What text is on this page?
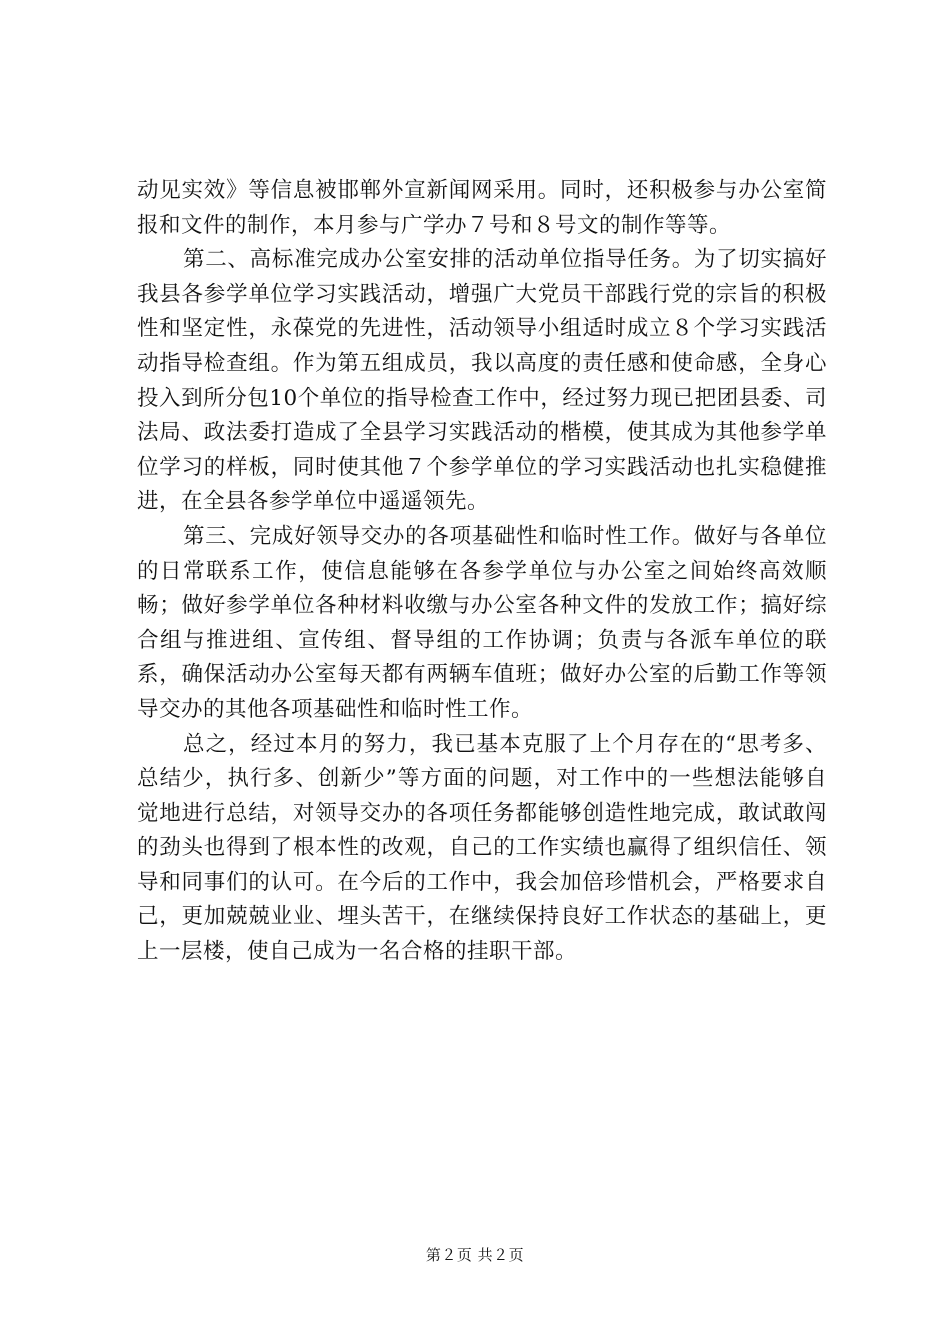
动见实效》等信息被邯郸外宣新闻网采用。同时，还积极参与办公室简报和文件的制作，本月参与广学办７号和８号文的制作等等。

第二、高标准完成办公室安排的活动单位指导任务。为了切实搞好我县各参学单位学习实践活动，增强广大党员干部践行党的宗旨的积极性和坚定性，永葆党的先进性，活动领导小组适时成立８个学习实践活动指导检查组。作为第五组成员，我以高度的责任感和使命感，全身心投入到所分包10个单位的指导检查工作中，经过努力现已把团县委、司法局、政法委打造成了全县学习实践活动的楷模，使其成为其他参学单位学习的样板，同时使其他７个参学单位的学习实践活动也扎实稳健推进，在全县各参学单位中遥遥领先。

第三、完成好领导交办的各项基础性和临时性工作。做好与各单位的日常联系工作，使信息能够在各参学单位与办公室之间始终高效顺畅；做好参学单位各种材料收缴与办公室各种文件的发放工作；搞好综合组与推进组、宣传组、督导组的工作协调；负责与各派车单位的联系，确保活动办公室每天都有两辆车值班；做好办公室的后勤工作等领导交办的其他各项基础性和临时性工作。

总之，经过本月的努力，我已基本克服了上个月存在的“思考多、总结少，执行多、创新少”等方面的问题，对工作中的一些想法能够自觉地进行总结，对领导交办的各项任务都能够创造性地完成，敢试敢闯的劲头也得到了根本性的改观，自己的工作实绩也赢得了组织信任、领导和同事们的认可。在今后的工作中，我会加倍珍惜机会，严格要求自己，更加兢兢业业、埋头苦干，在继续保持良好工作状态的基础上，更上一层楼，使自己成为一名合格的挂职干部。

第２页 共２页
